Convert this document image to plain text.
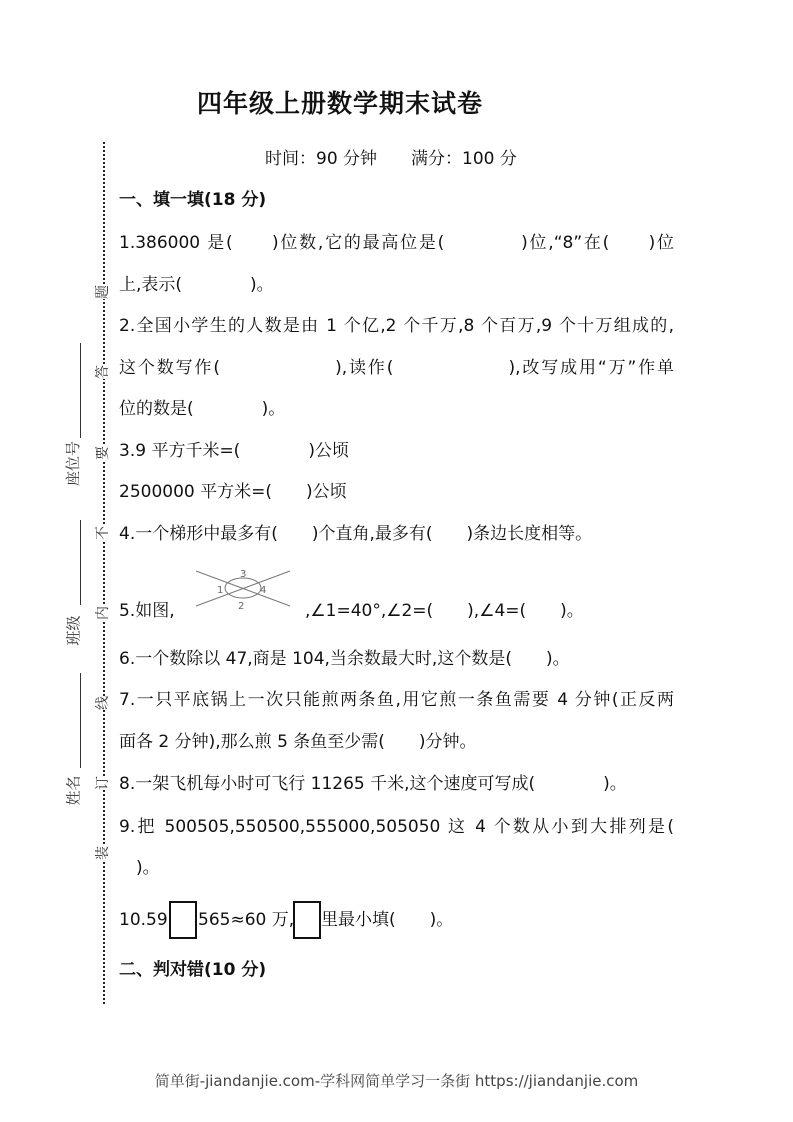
四年级上册数学期末试卷
时间：90 分钟　　满分：100 分
题
答
要
不
内
线
订
装
座位号
班级
姓名
一、填一填(18 分)
1.386000 是(　　)位数,它的最高位是(　　　　)位,“8”在(　　)位
上,表示(　　　　)。
2.全国小学生的人数是由 1 个亿,2 个千万,8 个百万,9 个十万组成的,
这个数写作(　　　　　　),读作(　　　　　　),改写成用“万”作单
位的数是(　　　　)。
3.9 平方千米=(　　　　)公顷
2500000 平方米=(　　)公顷
4.一个梯形中最多有(　　)个直角,最多有(　　)条边长度相等。
5.如图,
3
1
2
4
,∠1=40°,∠2=(　　),∠4=(　　)。
6.一个数除以 47,商是 104,当余数最大时,这个数是(　　)。
7.一只平底锅上一次只能煎两条鱼,用它煎一条鱼需要 4 分钟(正反两
面各 2 分钟),那么煎 5 条鱼至少需(　　)分钟。
8.一架飞机每小时可飞行 11265 千米,这个速度可写成(　　　　)。
9.把 500505,550500,555000,505050 这 4 个数从小到大排列是(
　)。
10.59 565≈60 万, 里最小填(　　)。
二、判对错(10 分)
简单街-jiandanjie.com-学科网简单学习一条街 https://jiandanjie.com
